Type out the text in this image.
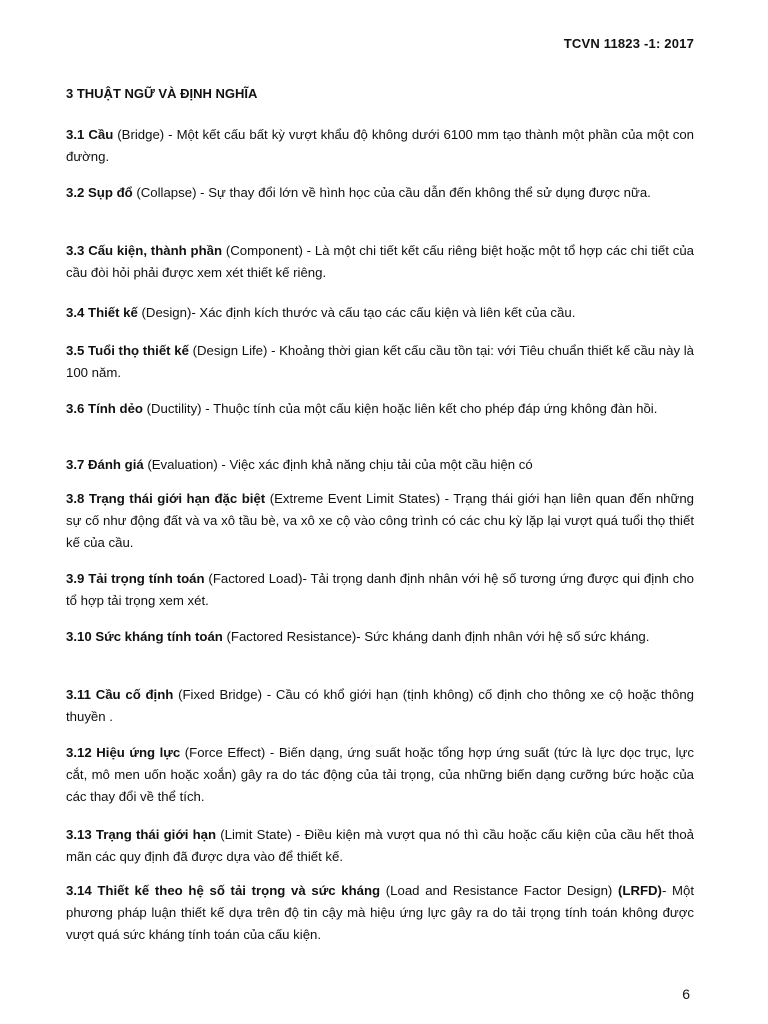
TCVN 11823 -1: 2017
3 THUẬT NGỮ VÀ ĐỊNH NGHĨA

3.1 Cầu (Bridge) - Một kết cấu bất kỳ vượt khẩu độ không dưới 6100 mm tạo thành một phần của một con đường.

3.2 Sụp đổ (Collapse) - Sự thay đổi lớn về hình học của cầu dẫn đến không thể sử dụng được nữa.

3.3 Cấu kiện, thành phần (Component) - Là một chi tiết kết cấu riêng biệt hoặc một tổ hợp các chi tiết của cầu đòi hỏi phải được xem xét thiết kế riêng.

3.4 Thiết kế (Design)- Xác định kích thước và cấu tạo các cấu kiện và liên kết của cầu.

3.5 Tuổi thọ thiết kế (Design Life) - Khoảng thời gian kết cấu cầu tồn tại: với Tiêu chuẩn thiết kế cầu này là 100 năm.

3.6 Tính dẻo (Ductility) - Thuộc tính của một cấu kiện hoặc liên kết cho phép đáp ứng không đàn hồi.

3.7 Đánh giá (Evaluation) - Việc xác định khả năng chịu tải của một cầu hiện có

3.8 Trạng thái giới hạn đặc biệt (Extreme Event Limit States) - Trạng thái giới hạn liên quan đến những sự cố như động đất và va xô tầu bè, va xô xe cộ vào công trình có các chu kỳ lặp lại vượt quá tuổi thọ thiết kế của cầu.

3.9 Tải trọng tính toán (Factored Load)- Tải trọng danh định nhân với hệ số tương ứng được qui định cho tổ hợp tải trọng xem xét.

3.10 Sức kháng tính toán (Factored Resistance)- Sức kháng danh định nhân với hệ số sức kháng.

3.11 Cầu cố định (Fixed Bridge) - Cầu có khổ giới hạn (tịnh không) cố định cho thông xe cộ hoặc thông thuyền .

3.12 Hiệu ứng lực (Force Effect) - Biến dạng, ứng suất hoặc tổng hợp ứng suất (tức là lực dọc trục, lực cắt, mô men uốn hoặc xoắn) gây ra do tác động của tải trọng, của những biến dạng cưỡng bức hoặc của các thay đổi về thể tích.

3.13 Trạng thái giới hạn (Limit State) - Điều kiện mà vượt qua nó thì cầu hoặc cấu kiện của cầu hết thoả mãn các quy định đã được dựa vào để thiết kế.

3.14 Thiết kế theo hệ số tải trọng và sức kháng (Load and Resistance Factor Design) (LRFD)- Một phương pháp luận thiết kế dựa trên độ tin cậy mà hiệu ứng lực gây ra do tải trọng tính toán không được vượt quá sức kháng tính toán của cấu kiện.

6
